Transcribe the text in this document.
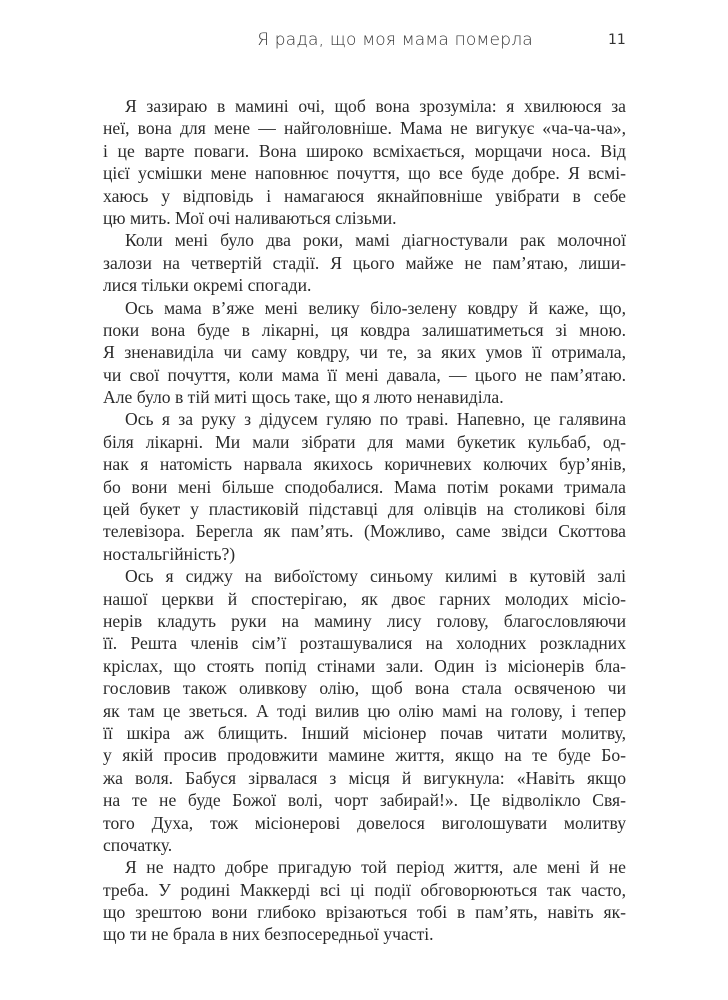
Я рада, що моя мама померла	11
Я зазираю в мамині очі, щоб вона зрозуміла: я хвилююся за
неї, вона для мене — найголовніше. Мама не вигукує «ча-ча-ча»,
і це варте поваги. Вона широко всміхається, морщачи носа. Від
цієї усмішки мене наповнює почуття, що все буде добре. Я всмі-
хаюсь у відповідь і намагаюся якнайповніше увібрати в себе
цю мить. Мої очі наливаються слізьми.
Коли мені було два роки, мамі діагностували рак молочної
залози на четвертій стадії. Я цього майже не пам’ятаю, лиши-
лися тільки окремі спогади.
Ось мама в’яже мені велику біло-зелену ковдру й каже, що,
поки вона буде в лікарні, ця ковдра залишатиметься зі мною.
Я зненавиділа чи саму ковдру, чи те, за яких умов її отримала,
чи свої почуття, коли мама її мені давала, — цього не пам’ятаю.
Але було в тій миті щось таке, що я люто ненавиділа.
Ось я за руку з дідусем гуляю по траві. Напевно, це галявина
біля лікарні. Ми мали зібрати для мами букетик кульбаб, од-
нак я натомість нарвала якихось коричневих колючих бур’янів,
бо вони мені більше сподобалися. Мама потім роками тримала
цей букет у пластиковій підставці для олівців на столикові біля
телевізора. Берегла як пам’ять. (Можливо, саме звідси Скоттова
ностальгійність?)
Ось я сиджу на вибоїстому синьому килимі в кутовій залі
нашої церкви й спостерігаю, як двоє гарних молодих місіо-
нерів кладуть руки на мамину лису голову, благословляючи
її. Решта членів сім’ї розташувалися на холодних розкладних
кріслах, що стоять попід стінами зали. Один із місіонерів бла-
гословив також оливкову олію, щоб вона стала освяченою чи
як там це зветься. А тоді вилив цю олію мамі на голову, і тепер
її шкіра аж блищить. Інший місіонер почав читати молитву,
у якій просив продовжити мамине життя, якщо на те буде Бо-
жа воля. Бабуся зірвалася з місця й вигукнула: «Навіть якщо
на те не буде Божої волі, чорт забирай!». Це відволікло Свя-
того Духа, тож місіонерові довелося виголошувати молитву
спочатку.
Я не надто добре пригадую той період життя, але мені й не
треба. У родині Маккерді всі ці події обговорюються так часто,
що зрештою вони глибоко врізаються тобі в пам’ять, навіть як-
що ти не брала в них безпосередньої участі.
